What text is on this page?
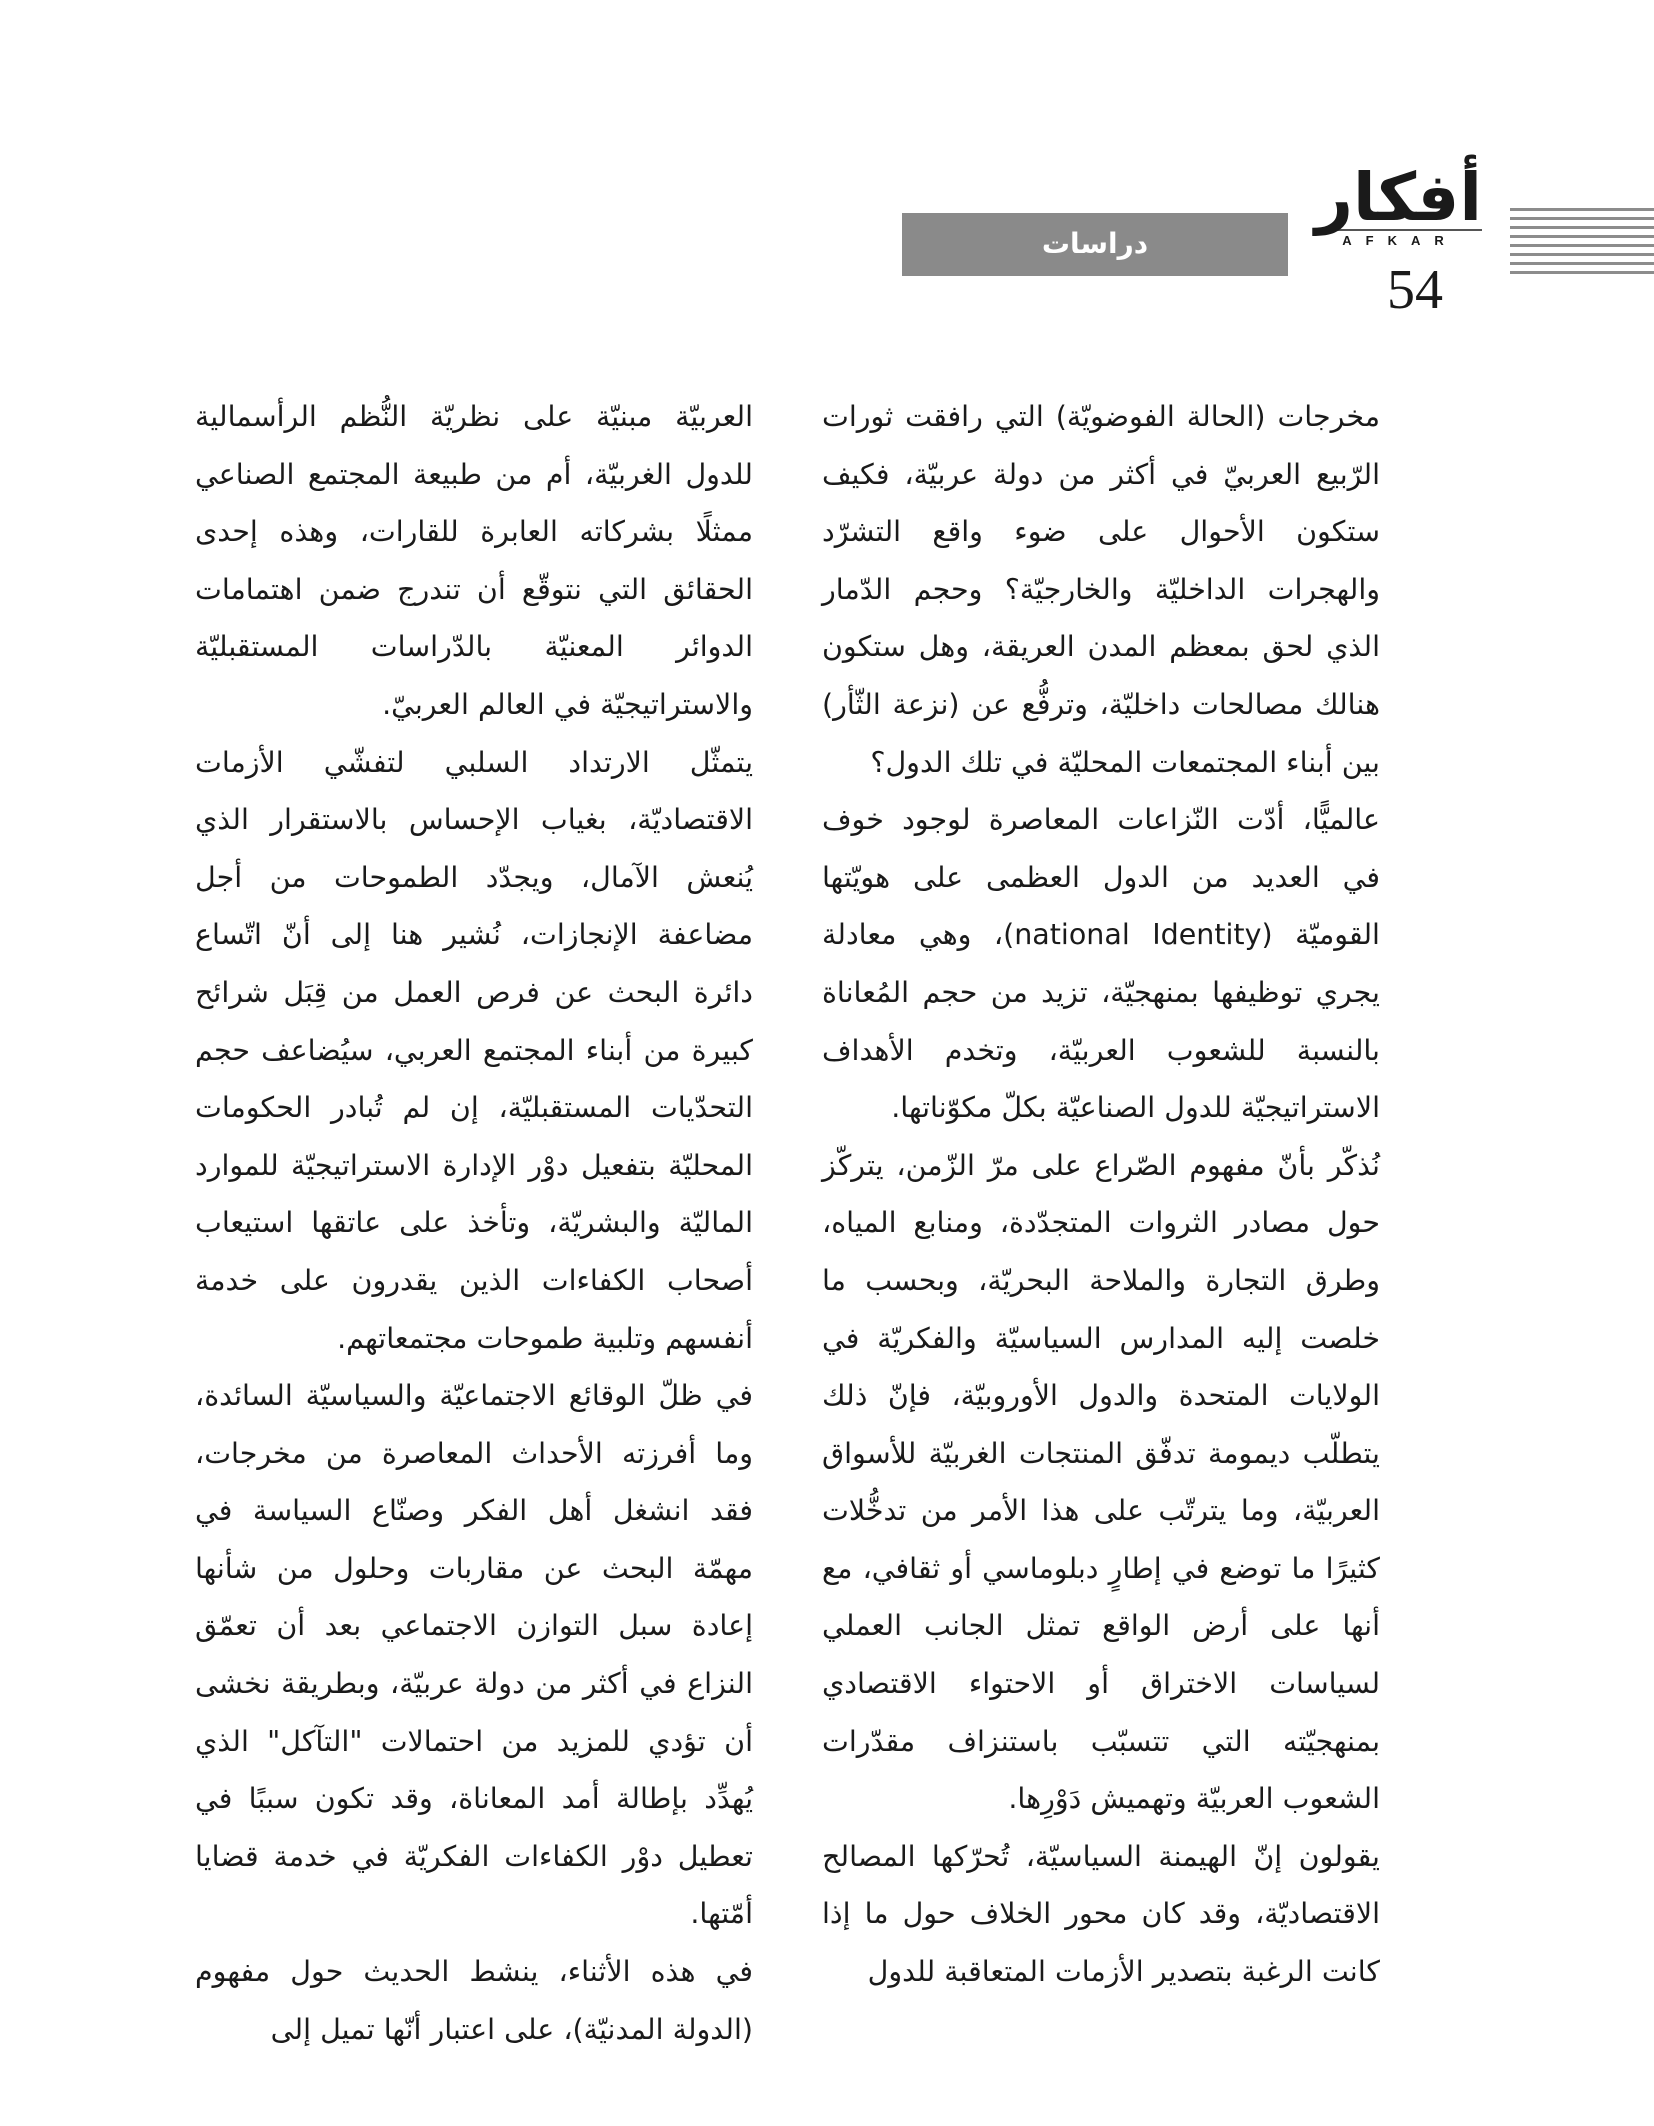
أفكار
AFKAR
دراسات
54

مخرجات (الحالة الفوضويّة) التي رافقت ثورات الرّبيع العربيّ في أكثر من دولة عربيّة، فكيف ستكون الأحوال على ضوء واقع التشرّد والهجرات الداخليّة والخارجيّة؟ وحجم الدّمار الذي لحق بمعظم المدن العريقة، وهل ستكون هنالك مصالحات داخليّة، وترفُّع عن (نزعة الثّأر) بين أبناء المجتمعات المحليّة في تلك الدول؟

عالميًّا، أدّت النّزاعات المعاصرة لوجود خوف في العديد من الدول العظمى على هويّتها القوميّة (national Identity)، وهي معادلة يجري توظيفها بمنهجيّة، تزيد من حجم المُعاناة بالنسبة للشعوب العربيّة، وتخدم الأهداف الاستراتيجيّة للدول الصناعيّة بكلّ مكوّناتها.

نُذكّر بأنّ مفهوم الصّراع على مرّ الزّمن، يتركّز حول مصادر الثروات المتجدّدة، ومنابع المياه، وطرق التجارة والملاحة البحريّة، وبحسب ما خلصت إليه المدارس السياسيّة والفكريّة في الولايات المتحدة والدول الأوروبيّة، فإنّ ذلك يتطلّب ديمومة تدفّق المنتجات الغربيّة للأسواق العربيّة، وما يترتّب على هذا الأمر من تدخُّلات كثيرًا ما توضع في إطارٍ دبلوماسي أو ثقافي، مع أنها على أرض الواقع تمثل الجانب العملي لسياسات الاختراق أو الاحتواء الاقتصادي بمنهجيّته التي تتسبّب باستنزاف مقدّرات الشعوب العربيّة وتهميش دَوْرِها.

يقولون إنّ الهيمنة السياسيّة، تُحرّكها المصالح الاقتصاديّة، وقد كان محور الخلاف حول ما إذا كانت الرغبة بتصدير الأزمات المتعاقبة للدول

العربيّة مبنيّة على نظريّة النُّظم الرأسمالية للدول الغربيّة، أم من طبيعة المجتمع الصناعي ممثلًا بشركاته العابرة للقارات، وهذه إحدى الحقائق التي نتوقّع أن تندرج ضمن اهتمامات الدوائر المعنيّة بالدّراسات المستقبليّة والاستراتيجيّة في العالم العربيّ.

يتمثّل الارتداد السلبي لتفشّي الأزمات الاقتصاديّة، بغياب الإحساس بالاستقرار الذي يُنعش الآمال، ويجدّد الطموحات من أجل مضاعفة الإنجازات، نُشير هنا إلى أنّ اتّساع دائرة البحث عن فرص العمل من قِبَل شرائح كبيرة من أبناء المجتمع العربي، سيُضاعف حجم التحدّيات المستقبليّة، إن لم تُبادر الحكومات المحليّة بتفعيل دوْر الإدارة الاستراتيجيّة للموارد الماليّة والبشريّة، وتأخذ على عاتقها استيعاب أصحاب الكفاءات الذين يقدرون على خدمة أنفسهم وتلبية طموحات مجتمعاتهم.

في ظلّ الوقائع الاجتماعيّة والسياسيّة السائدة، وما أفرزته الأحداث المعاصرة من مخرجات، فقد انشغل أهل الفكر وصنّاع السياسة في مهمّة البحث عن مقاربات وحلول من شأنها إعادة سبل التوازن الاجتماعي بعد أن تعمّق النزاع في أكثر من دولة عربيّة، وبطريقة نخشى أن تؤدي للمزيد من احتمالات "التآكل" الذي يُهدِّد بإطالة أمد المعاناة، وقد تكون سببًا في تعطيل دوْر الكفاءات الفكريّة في خدمة قضايا أمّتها.

في هذه الأثناء، ينشط الحديث حول مفهوم (الدولة المدنيّة)، على اعتبار أنّها تميل إلى
